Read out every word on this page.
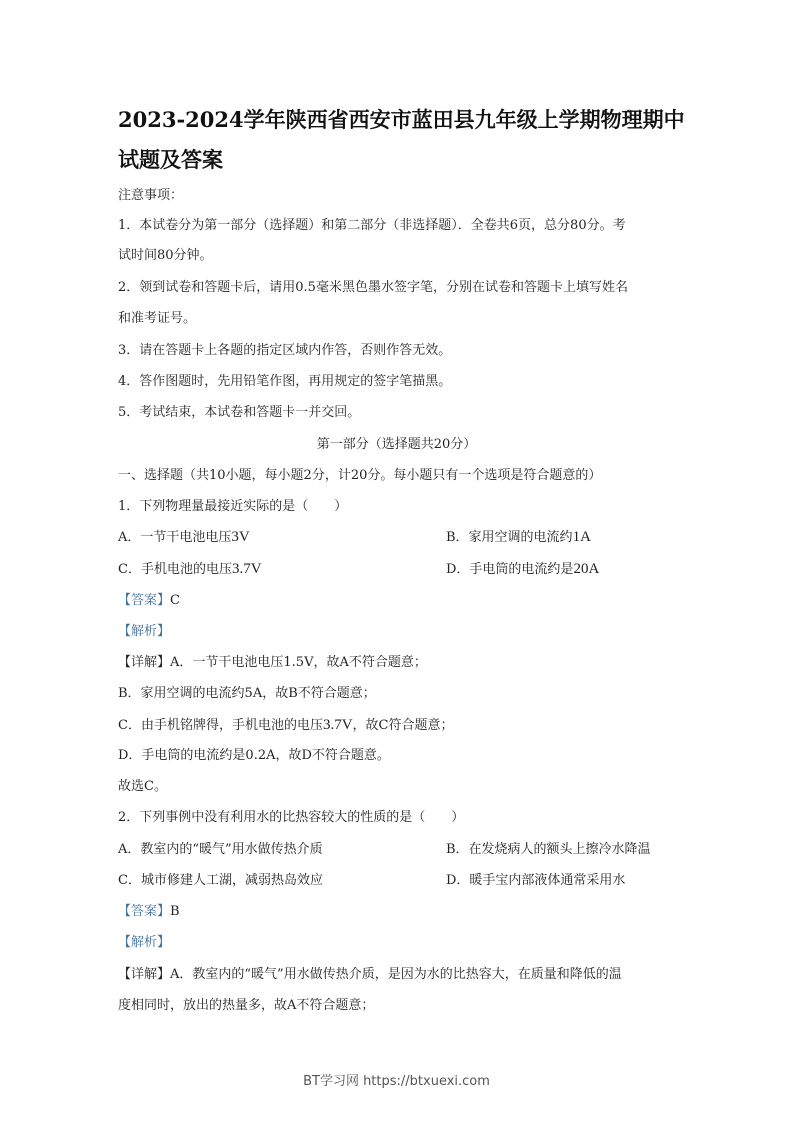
2023-2024学年陕西省西安市蓝田县九年级上学期物理期中
试题及答案
注意事项：
1．本试卷分为第一部分（选择题）和第二部分（非选择题）．全卷共6页，总分80分。考
试时间80分钟。
2．领到试卷和答题卡后，请用0.5毫米黑色墨水签字笔，分别在试卷和答题卡上填写姓名
和准考证号。
3．请在答题卡上各题的指定区域内作答，否则作答无效。
4．答作图题时，先用铅笔作图，再用规定的签字笔描黑。
5．考试结束，本试卷和答题卡一并交回。
第一部分（选择题共20分）
一、选择题（共10小题，每小题2分，计20分。每小题只有一个选项是符合题意的）
1．下列物理量最接近实际的是（　　）
A．一节干电池电压3V	B．家用空调的电流约1A
C．手机电池的电压3.7V	D．手电筒的电流约是20A
【答案】C
【解析】
【详解】A．一节干电池电压1.5V，故A不符合题意；
B．家用空调的电流约5A，故B不符合题意；
C．由手机铭牌得，手机电池的电压3.7V，故C符合题意；
D．手电筒的电流约是0.2A，故D不符合题意。
故选C。
2．下列事例中没有利用水的比热容较大的性质的是（　　）
A．教室内的“暖气”用水做传热介质	B．在发烧病人的额头上擦冷水降温
C．城市修建人工湖，减弱热岛效应	D．暖手宝内部液体通常采用水
【答案】B
【解析】
【详解】A．教室内的“暖气”用水做传热介质，是因为水的比热容大，在质量和降低的温
度相同时，放出的热量多，故A不符合题意；
BT学习网 https://btxuexi.com
